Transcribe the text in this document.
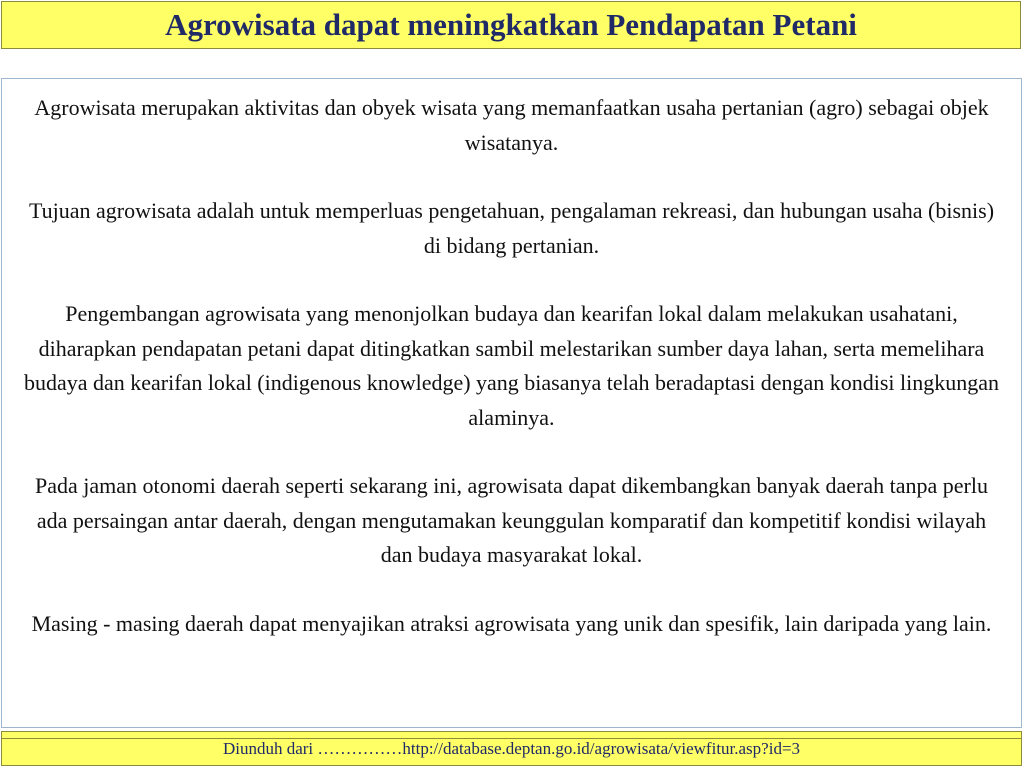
Agrowisata dapat meningkatkan Pendapatan Petani

Agrowisata merupakan aktivitas dan obyek wisata yang memanfaatkan usaha pertanian (agro) sebagai objek wisatanya.

Tujuan agrowisata adalah untuk memperluas pengetahuan, pengalaman rekreasi, dan hubungan usaha (bisnis) di bidang pertanian.

Pengembangan agrowisata yang menonjolkan budaya dan kearifan lokal dalam melakukan usahatani, diharapkan pendapatan petani dapat ditingkatkan sambil melestarikan sumber daya lahan, serta memelihara budaya dan kearifan lokal (indigenous knowledge) yang biasanya telah beradaptasi dengan kondisi lingkungan alaminya.

Pada jaman otonomi daerah seperti sekarang ini, agrowisata dapat dikembangkan banyak daerah tanpa perlu ada persaingan antar daerah, dengan mengutamakan keunggulan komparatif dan kompetitif kondisi wilayah dan budaya masyarakat lokal.

Masing - masing daerah dapat menyajikan atraksi agrowisata yang unik dan spesifik, lain daripada yang lain.

Diunduh dari ……………http://database.deptan.go.id/agrowisata/viewfitur.asp?id=3
